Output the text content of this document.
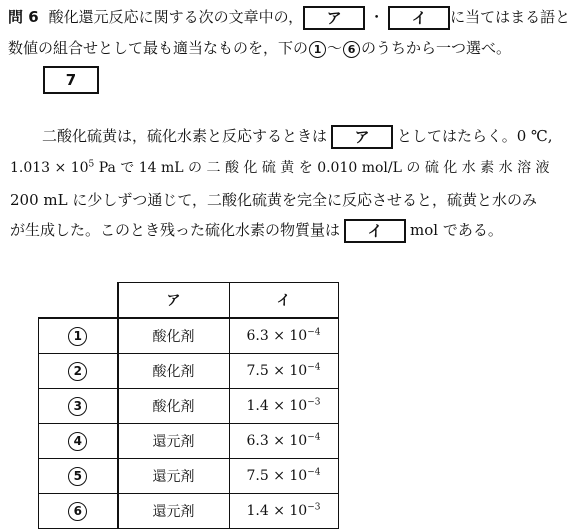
問 6 酸化還元反応に関する次の文章中の， ア ・ イ に当てはまる語と
数値の組合せとして最も適当なものを，下の 1 ～ 6 のうちから一つ選べ。
7
二酸化硫黄は，硫化水素と反応するときは ア としてはたらく。0 ℃,
$1.013 \times 10^5$ Pa で 14 mL の 二 酸 化 硫 黄 を 0.010 mol/L の 硫 化 水 素 水 溶 液
200 mL に少しずつ通じて，二酸化硫黄を完全に反応させると，硫黄と水のみ
が生成した。このとき残った硫化水素の物質量は イ mol である。
	ア	イ
1	酸化剤	$6.3 \times 10^{-4}$
2	酸化剤	$7.5 \times 10^{-4}$
3	酸化剤	$1.4 \times 10^{-3}$
4	還元剤	$6.3 \times 10^{-4}$
5	還元剤	$7.5 \times 10^{-4}$
6	還元剤	$1.4 \times 10^{-3}$
